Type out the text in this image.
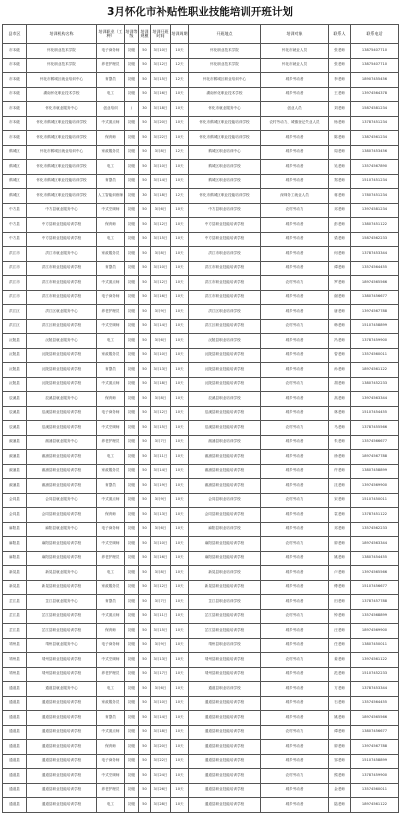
3月怀化市补贴性职业技能培训开班计划
县市区	培训机构名称	培训职业（工种）	培训等级	培训规模	培训开班时间	培训周期	开班地点	培训对象	联系人	联系电话
市本级	怀化职业技术学院	电子商务师	初级	50	3月10日	10天	怀化职业技术学院	怀化市就业人员	张老师	13875407710
市本级	怀化职业技术学院	养老护理员	初级	50	3月12日	12天	怀化职业技术学院	怀化市就业人员	张老师	13875407710
市本级	怀化市鹤城区就业培训中心	育婴员	初级	50	3月15日	12天	怀化市鹤城区职业培训中心	城乡劳动者	李老师	18907455456
市本级	湖南怀化职业技术学校	电工	初级	50	3月16日	10天	湖南怀化职业技术学校	城乡劳动者	王老师	13974564378
市本级	怀化市就业服务中心	创业培训	/	30	3月18日	10天	怀化市就业服务中心	创业人员	刘老师	15874581234
市本级	怀化市鹤城区职业技能培训学校	中式面点师	初级	50	3月20日	10天	怀化市鹤城区职业技能培训学校	农村劳动力、城镇登记失业人员	杨老师	13787451234
市本级	怀化市鹤城区职业技能培训学校	保育师	初级	50	3月22日	10天	怀化市鹤城区职业技能培训学校	城乡劳动者	陈老师	13874561234
鹤城区	怀化市鹤城区就业培训中心	家政服务员	初级	50	3月8日	12天	鹤城区职业培训中心	城乡劳动者	周老师	13807453456
鹤城区	怀化市鹤城区职业技能培训学校	电工	初级	50	3月10日	10天	鹤城区职业培训学校	城乡劳动者	吴老师	13574567890
鹤城区	怀化市鹤城区职业技能培训学校	育婴员	初级	50	3月14日	10天	鹤城区职业培训学校	城乡劳动者	郑老师	15107451234
鹤城区	怀化市鹤城区职业技能培训学校	人工智能训练师	初级	30	3月18日	12天	怀化市鹤城区职业技能培训学校	深圳务工就业人员	蒋老师	17807451234
中方县	中方县就业服务中心	中式烹调师	初级	50	3月6日	10天	中方县职业培训学校	农村劳动力	邓老师	13974581234
中方县	中方县职业技能培训学校	保育师	初级	50	3月12日	10天	中方县职业技能培训学校	城乡劳动者	彭老师	13807451122
中方县	中方县职业技能培训学校	电工	初级	50	3月15日	10天	中方县职业技能培训学校	城乡劳动者	梁老师	15874562233
洪江市	洪江市就业服务中心	家政服务员	初级	50	3月8日	10天	洪江市职业培训学校	城乡劳动者	何老师	13787453344
洪江市	洪江市职业技能培训学校	育婴员	初级	50	3月10日	10天	洪江市职业技能培训学校	城乡劳动者	谭老师	13574564455
洪江市	洪江市职业技能培训学校	中式面点师	初级	50	3月12日	10天	洪江市职业技能培训学校	农村劳动力	罗老师	18974565566
洪江市	洪江市职业技能培训学校	电子商务师	初级	50	3月16日	10天	洪江市职业技能培训学校	城乡劳动者	谢老师	13807456677
洪江区	洪江区就业服务中心	养老护理员	初级	50	3月9日	10天	洪江区职业培训学校	城乡劳动者	唐老师	13974567788
洪江区	洪江区职业技能培训学校	中式烹调师	初级	50	3月14日	10天	洪江区职业技能培训学校	农村劳动力	韩老师	15107458899
沅陵县	沅陵县就业服务中心	电工	初级	50	3月6日	10天	沅陵县职业培训学校	城乡劳动者	冯老师	13787459900
沅陵县	沅陵县职业技能培训学校	家政服务员	初级	50	3月10日	10天	沅陵县职业技能培训学校	城乡劳动者	曾老师	13574560011
沅陵县	沅陵县职业技能培训学校	育婴员	初级	50	3月13日	10天	沅陵县职业技能培训学校	城乡劳动者	孙老师	18974561122
沅陵县	沅陵县职业技能培训学校	中式面点师	初级	50	3月18日	10天	沅陵县职业技能培训学校	农村劳动力	胡老师	13807452233
辰溪县	辰溪县就业服务中心	保育师	初级	50	3月8日	10天	辰溪县职业培训学校	城乡劳动者	高老师	13974563344
辰溪县	辰溪县职业技能培训学校	电子商务师	初级	50	3月12日	10天	辰溪县职业技能培训学校	城乡劳动者	林老师	15107454455
辰溪县	辰溪县职业技能培训学校	中式烹调师	初级	50	3月15日	10天	辰溪县职业技能培训学校	农村劳动力	马老师	13787455566
溆浦县	溆浦县就业服务中心	养老护理员	初级	50	3月7日	10天	溆浦县职业培训学校	城乡劳动者	朱老师	13574566677
溆浦县	溆浦县职业技能培训学校	电工	初级	50	3月11日	10天	溆浦县职业技能培训学校	城乡劳动者	徐老师	18974567788
溆浦县	溆浦县职业技能培训学校	家政服务员	初级	50	3月14日	10天	溆浦县职业技能培训学校	城乡劳动者	许老师	13807458899
溆浦县	溆浦县职业技能培训学校	育婴员	初级	50	3月19日	10天	溆浦县职业技能培训学校	城乡劳动者	沈老师	13974569900
会同县	会同县就业服务中心	中式面点师	初级	50	3月9日	10天	会同县职业培训学校	农村劳动力	宋老师	15107450011
会同县	会同县职业技能培训学校	保育师	初级	50	3月13日	10天	会同县职业技能培训学校	城乡劳动者	袁老师	13787451122
麻阳县	麻阳县就业服务中心	电子商务师	初级	50	3月6日	10天	麻阳县职业培训学校	城乡劳动者	邓老师	13574562233
麻阳县	麻阳县职业技能培训学校	中式烹调师	初级	50	3月10日	10天	麻阳县职业技能培训学校	农村劳动力	廖老师	18974563344
麻阳县	麻阳县职业技能培训学校	养老护理员	初级	50	3月16日	10天	麻阳县职业技能培训学校	城乡劳动者	姚老师	13807454455
新晃县	新晃县就业服务中心	电工	初级	50	3月8日	10天	新晃县职业培训学校	城乡劳动者	卢老师	13974565566
新晃县	新晃县职业技能培训学校	家政服务员	初级	50	3月12日	10天	新晃县职业技能培训学校	城乡劳动者	傅老师	15107456677
芷江县	芷江县就业服务中心	育婴员	初级	50	3月7日	10天	芷江县职业培训学校	城乡劳动者	田老师	13787457788
芷江县	芷江县职业技能培训学校	中式面点师	初级	50	3月11日	10天	芷江县职业技能培训学校	农村劳动力	钟老师	13574568899
芷江县	芷江县职业技能培训学校	保育师	初级	50	3月15日	10天	芷江县职业技能培训学校	城乡劳动者	汪老师	18974569900
靖州县	靖州县就业服务中心	电子商务师	初级	50	3月9日	10天	靖州县职业培训学校	城乡劳动者	任老师	13807450011
靖州县	靖州县职业技能培训学校	中式烹调师	初级	50	3月13日	10天	靖州县职业技能培训学校	农村劳动力	姜老师	13974561122
靖州县	靖州县职业技能培训学校	养老护理员	初级	50	3月17日	10天	靖州县职业技能培训学校	城乡劳动者	范老师	15107452233
通道县	通道县就业服务中心	电工	初级	50	3月6日	10天	通道县职业培训学校	城乡劳动者	方老师	13787453344
通道县	通道县职业技能培训学校	家政服务员	初级	50	3月10日	10天	通道县职业技能培训学校	城乡劳动者	石老师	13574564455
通道县	通道县职业技能培训学校	育婴员	初级	50	3月14日	10天	通道县职业技能培训学校	城乡劳动者	姚老师	18974565566
通道县	通道县职业技能培训学校	中式面点师	初级	50	3月18日	10天	通道县职业技能培训学校	农村劳动力	谭老师	13807456677
通道县	通道县职业技能培训学校	保育师	初级	50	3月20日	10天	通道县职业技能培训学校	城乡劳动者	廖老师	13974567788
通道县	通道县职业技能培训学校	电子商务师	初级	50	3月22日	10天	通道县职业技能培训学校	城乡劳动者	邹老师	15107458899
通道县	通道县职业技能培训学校	中式烹调师	初级	50	3月24日	10天	通道县职业技能培训学校	农村劳动力	熊老师	13787459900
通道县	通道县职业技能培训学校	养老护理员	初级	50	3月26日	10天	通道县职业技能培训学校	城乡劳动者	金老师	13574560011
通道县	通道县职业技能培训学校	电工	初级	50	3月28日	10天	通道县职业技能培训学校	城乡劳动者	陆老师	18974561122
